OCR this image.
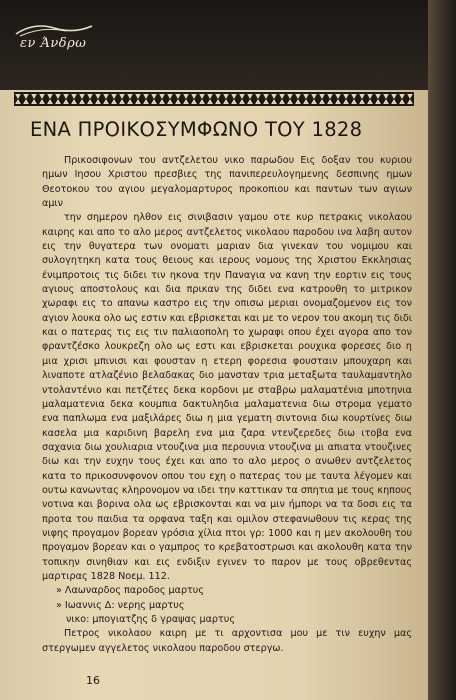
εν Άνδρω
ΕΝΑ ΠΡΟΙΚΟΣΥΜΦΩΝΟ ΤΟΥ 1828

Πρικοσιφονων του αντζελετου νικο παρωδου Εις δοξαν του κυριου ημων Ιησου Χριστου πρεσβιες της πανιπερευλογημενης δεσπινης ημων Θεοτοκου του αγιου μεγαλομαρτυρος προκοπιου και παντων των αγιων αμιν

την σημερον ηλθον εις σινιβασιν γαμου οτε κυρ πετρακις νικολαου καιρης και απο το αλο μερος αντζελετος νικολαου παροδου ινα λαβη αυτον εις την θυγατερα των ονοματι μαριαν δια γινεκαν του νομιμου και συλογητηκη κατα τους θειους και ιερους νομους της Χριστου Εκκλησιας ένιμπροτοις τις διδει τιν ηκονα την Παναγια να κανη την εορτιν εις τους αγιους αποστολους και δια πρικαν της διδει ενα κατρουθη το μιτρικον χωραφι εις το απανω καστρο εις την οπισω μεριαι ονομαζομενον εις τον αγιον λουκα ολο ως εστιν και εβρισκεται και με το νερον του ακομη τις διδι και ο πατερας τις εις τιν παλιαοπολη το χωραφι οπου έχει αγορα απο τον φραντζέσκο λουκρεζη ολο ως εστι και εβρισκεται ρουχικα φορεσες διο η μια χρισι μπινισι και φουσταν η ετερη φορεσια φουσταιν μπουχαρη και λιναποτε ατλαζένιο βελαδακας διο μανσταν τρια μεταξωτα ταυλαμαντηλο ντολαντένιο και πετζέτες δεκα κορδονι με σταβρω μαλαματένια μποτηνια μαλαματενια δεκα κουμπια δακτυληδια μαλαματενια διω στρομα γεματο ενα παπλωμα ενα μαξιλάρες διω η μια γεματη σιντονια διω κουρτίνες διω κασελα μια καριδινη βαρελη ενα μια ζαρα ντενζερεδες διω ιτοβα ενα σαχανια διω χουλιαρια ντουζινα μια περουνια ντουζινα μι απιατα ντουζινες διω και την ευχην τους έχει και απο το αλο μερος ο ανωθεν αντζελετος κατα το πρικοσυνφονον οπου του εχη ο πατερας του με ταυτα λέγομεν και ουτω κανωντας κληρονομον να ιδει την καττικαν τα σπητια με τους κηπους νοτινα και βορινα ολα ως εβρισκονται και να μιν ήμπορι να τα δοσι εις τα προτα του παιδια τα ορφανα ταξη και ομιλον στεφανωθουν τις κερας της νιφης προγαμον βορεαν γρόσια χίλια πτοι γρ: 1000 και η μεν ακολουθη του προγαμον βορεαν και ο γαμπρος το κρεβατοστρωσι και ακολουθη κατα την τοπικην σινηθιαν και εις ενδιξιν εγινεν το παρον με τους οβρεθεντας μαρτιρας 1828 Νοεμ. 112.

» Λαωναρδος παροδος μαρτυς

» Ιωαννις Δ: νερης μαρτυς

νικο: μπογιατζης δ γραψας μαρτυς

Πετρος νικολαου καιρη με τι αρχοντισα μου με τιν ευχην μας στεργωμεν αγγελετος νικολαου παροδου στεργω.

16
